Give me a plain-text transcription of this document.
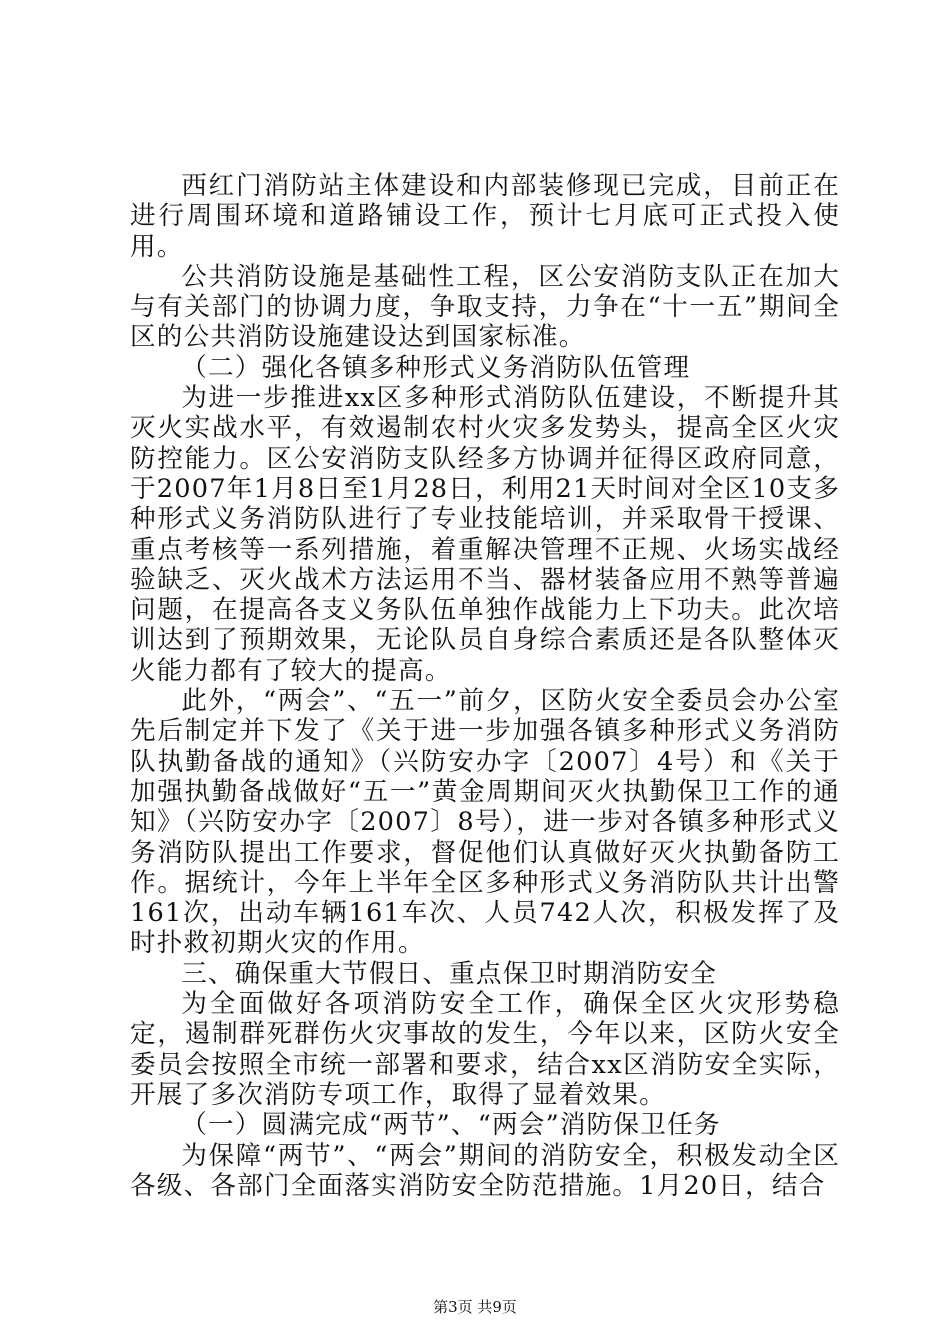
西红门消防站主体建设和内部装修现已完成，目前正在进行周围环境和道路铺设工作，预计七月底可正式投入使用。

公共消防设施是基础性工程，区公安消防支队正在加大与有关部门的协调力度，争取支持，力争在“十一五”期间全区的公共消防设施建设达到国家标准。

（二）强化各镇多种形式义务消防队伍管理

为进一步推进xx区多种形式消防队伍建设，不断提升其灭火实战水平，有效遏制农村火灾多发势头，提高全区火灾防控能力。区公安消防支队经多方协调并征得区政府同意，于2007年1月8日至1月28日，利用21天时间对全区10支多种形式义务消防队进行了专业技能培训，并采取骨干授课、重点考核等一系列措施，着重解决管理不正规、火场实战经验缺乏、灭火战术方法运用不当、器材装备应用不熟等普遍问题，在提高各支义务队伍单独作战能力上下功夫。此次培训达到了预期效果，无论队员自身综合素质还是各队整体灭火能力都有了较大的提高。

此外，“两会”、“五一”前夕，区防火安全委员会办公室先后制定并下发了《关于进一步加强各镇多种形式义务消防队执勤备战的通知》（兴防安办字〔2007〕4号）和《关于加强执勤备战做好“五一”黄金周期间灭火执勤保卫工作的通知》（兴防安办字〔2007〕8号），进一步对各镇多种形式义务消防队提出工作要求，督促他们认真做好灭火执勤备防工作。据统计，今年上半年全区多种形式义务消防队共计出警161次，出动车辆161车次、人员742人次，积极发挥了及时扑救初期火灾的作用。

三、确保重大节假日、重点保卫时期消防安全

为全面做好各项消防安全工作，确保全区火灾形势稳定，遏制群死群伤火灾事故的发生，今年以来，区防火安全委员会按照全市统一部署和要求，结合xx区消防安全实际，开展了多次消防专项工作，取得了显着效果。

（一）圆满完成“两节”、“两会”消防保卫任务

为保障“两节”、“两会”期间的消防安全，积极发动全区各级、各部门全面落实消防安全防范措施。1月20日，结合

第3页 共9页
